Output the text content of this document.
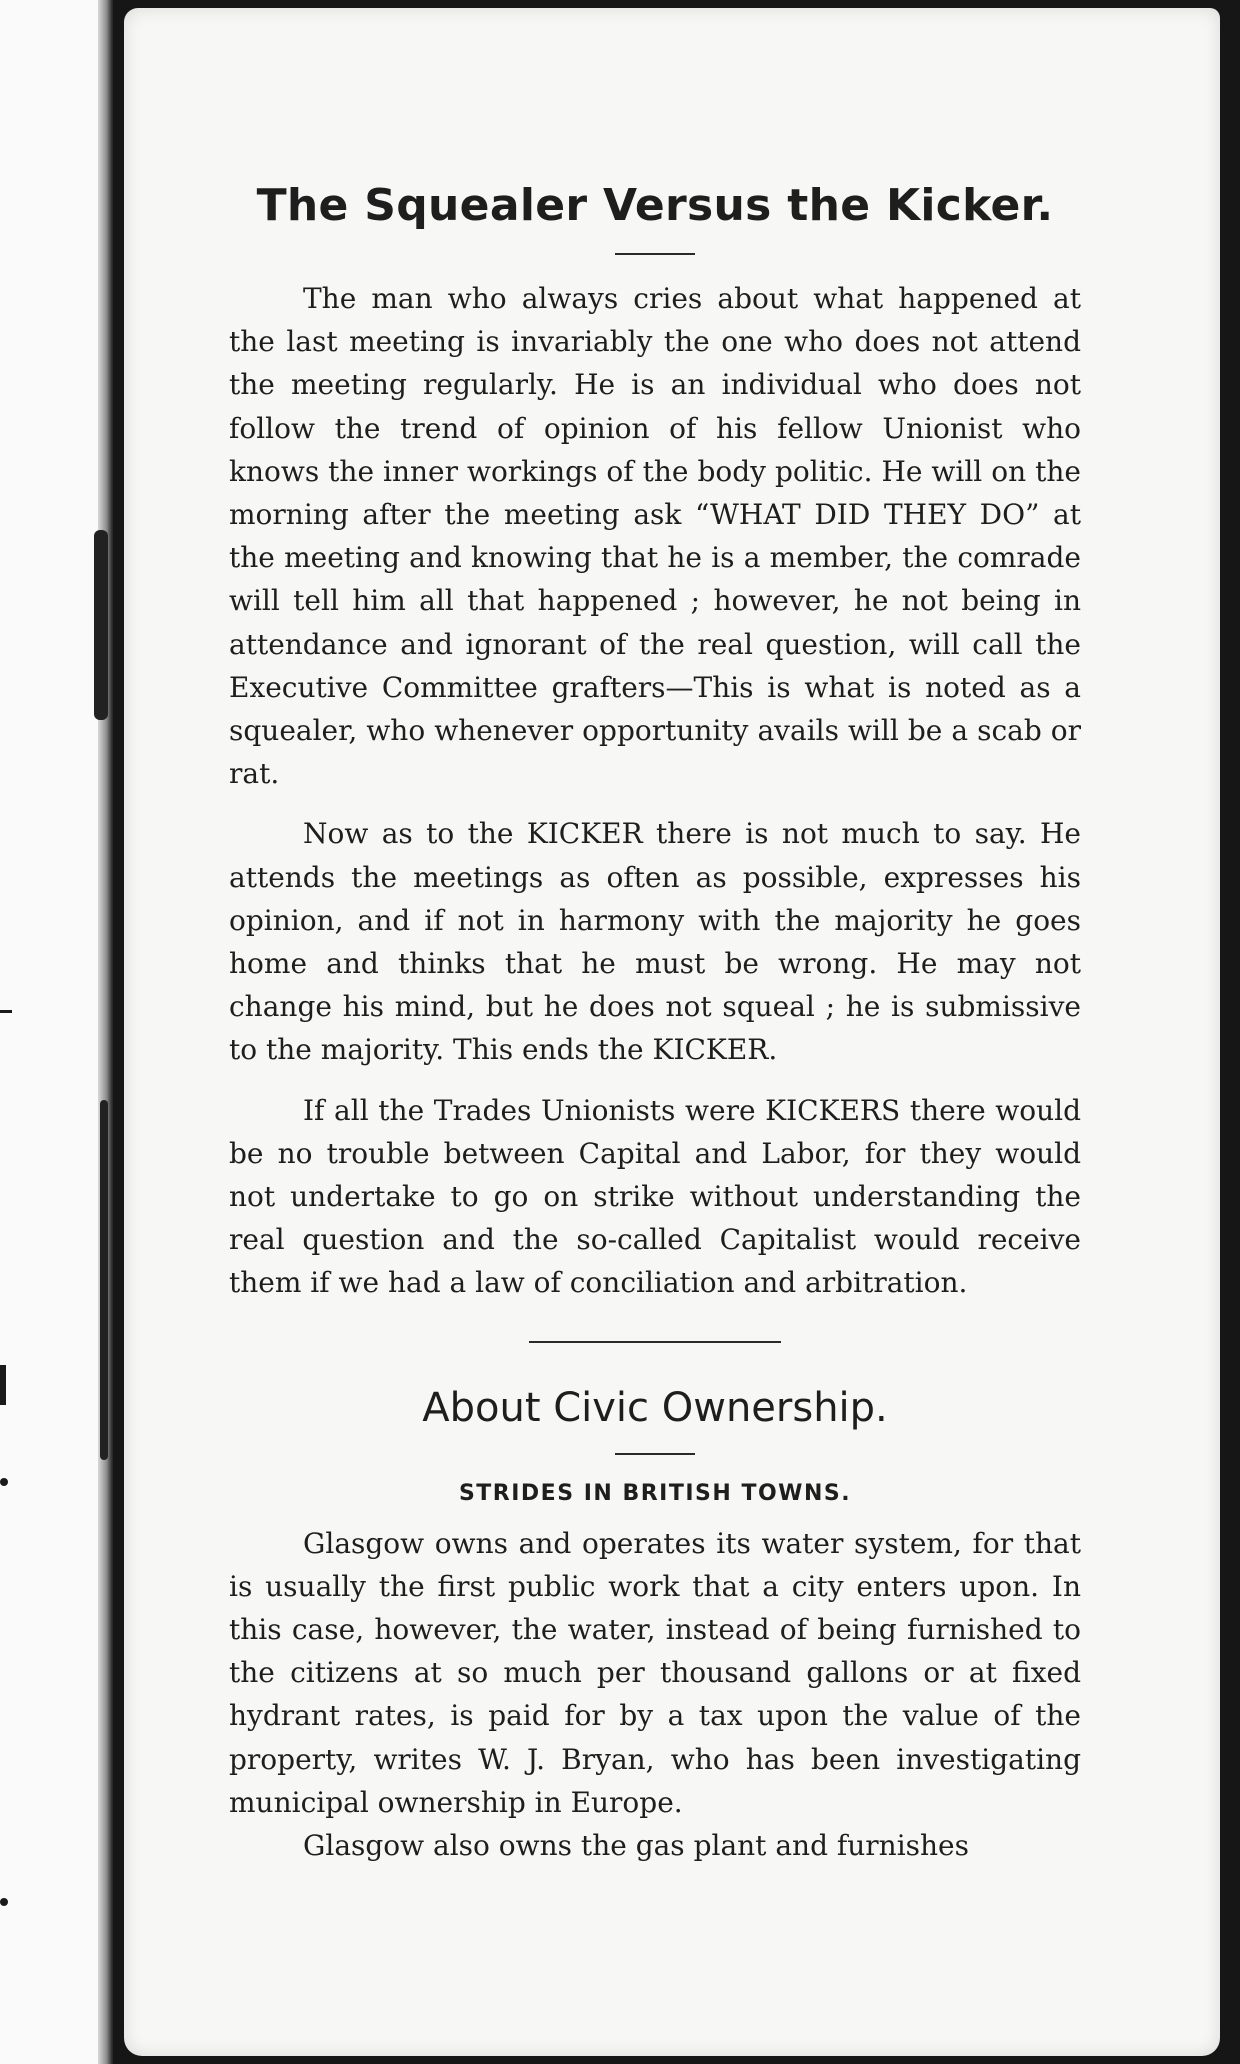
The Squealer Versus the Kicker.

The man who always cries about what happened at the last meeting is invariably the one who does not attend the meeting regularly. He is an individual who does not follow the trend of opinion of his fellow Unionist who knows the inner workings of the body politic. He will on the morning after the meeting ask “WHAT DID THEY DO” at the meeting and knowing that he is a member, the comrade will tell him all that happened ; however, he not being in attendance and ignorant of the real question, will call the Executive Committee grafters—This is what is noted as a squealer, who whenever opportunity avails will be a scab or rat.

Now as to the KICKER there is not much to say. He attends the meetings as often as possible, expresses his opinion, and if not in harmony with the majority he goes home and thinks that he must be wrong. He may not change his mind, but he does not squeal ; he is submissive to the majority. This ends the KICKER.

If all the Trades Unionists were KICKERS there would be no trouble between Capital and Labor, for they would not undertake to go on strike without understanding the real question and the so-called Capitalist would receive them if we had a law of conciliation and arbitration.

About Civic Ownership.
STRIDES IN BRITISH TOWNS.

Glasgow owns and operates its water system, for that is usually the first public work that a city enters upon. In this case, however, the water, instead of being furnished to the citizens at so much per thousand gallons or at fixed hydrant rates, is paid for by a tax upon the value of the property, writes W. J. Bryan, who has been investigating municipal ownership in Europe.

Glasgow also owns the gas plant and furnishes
